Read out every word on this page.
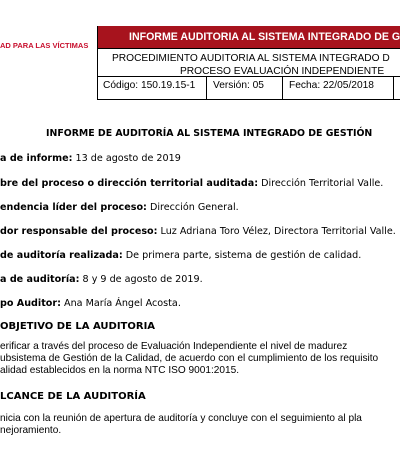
AD PARA LAS VÍCTIMAS
INFORME AUDITORIA AL SISTEMA INTEGRADO DE G
PROCEDIMIENTO AUDITORIA AL SISTEMA INTEGRADO D
PROCESO EVALUACIÓN INDEPENDIENTE
Código: 150.19.15-1 Versión: 05 Fecha: 22/05/2018
INFORME DE AUDITORÍA AL SISTEMA INTEGRADO DE GESTIÓN
a de informe: 13 de agosto de 2019
bre del proceso o dirección territorial auditada: Dirección Territorial Valle.
endencia líder del proceso: Dirección General.
dor responsable del proceso: Luz Adriana Toro Vélez, Directora Territorial Valle.
de auditoría realizada: De primera parte, sistema de gestión de calidad.
a de auditoría: 8 y 9 de agosto de 2019.
po Auditor: Ana María Ángel Acosta.
OBJETIVO DE LA AUDITORIA
erificar a través del proceso de Evaluación Independiente el nivel de madurez
ubsistema de Gestión de la Calidad, de acuerdo con el cumplimiento de los requisito
alidad establecidos en la norma NTC ISO 9001:2015.
LCANCE DE LA AUDITORÍA
nicia con la reunión de apertura de auditoría y concluye con el seguimiento al pla
nejoramiento.
